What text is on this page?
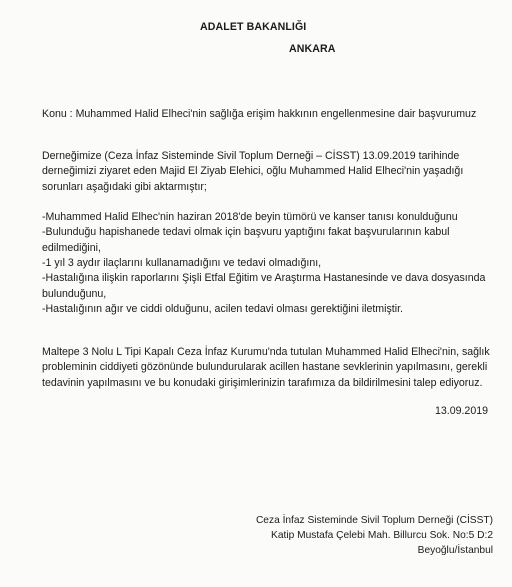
ADALET BAKANLIĞI
ANKARA
Konu : Muhammed Halid Elheci'nin sağlığa erişim hakkının engellenmesine dair başvurumuz
Derneğimize (Ceza İnfaz Sisteminde Sivil Toplum Derneği – CİSST) 13.09.2019 tarihinde derneğimizi ziyaret eden Majid El Ziyab Elehici, oğlu Muhammed Halid Elheci'nin yaşadığı sorunları aşağıdaki gibi aktarmıştır;
-Muhammed Halid Elhec'nin haziran 2018'de beyin tümörü ve kanser tanısı konulduğunu
-Bulunduğu hapishanede tedavi olmak için başvuru yaptığını fakat başvurularının kabul edilmediğini,
-1 yıl 3 aydır ilaçlarını kullanamadığını ve tedavi olmadığını,
-Hastalığına ilişkin raporlarını Şişli Etfal Eğitim ve Araştırma Hastanesinde ve dava dosyasında bulunduğunu,
-Hastalığının ağır ve ciddi olduğunu, acilen tedavi olması gerektiğini iletmiştir.
Maltepe 3 Nolu L Tipi Kapalı Ceza İnfaz Kurumu'nda tutulan Muhammed Halid Elheci'nin, sağlık probleminin ciddiyeti gözönünde bulundurularak acillen hastane sevklerinin yapılmasını, gerekli tedavinin yapılmasını ve bu konudaki girişimlerinizin tarafımıza da bildirilmesini talep ediyoruz.
13.09.2019
Ceza İnfaz Sisteminde Sivil Toplum Derneği (CİSST)
Katip Mustafa Çelebi Mah. Billurcu Sok. No:5 D:2
Beyoğlu/İstanbul
